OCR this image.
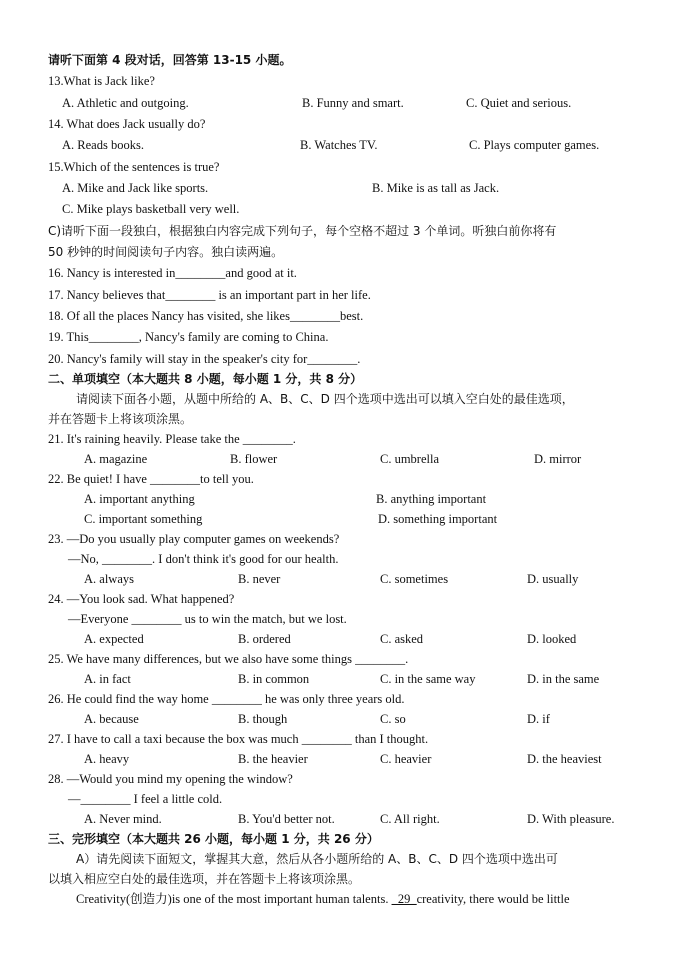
请听下面第 4 段对话，回答第 13-15 小题。
13.What is Jack like?
A. Athletic and outgoing.	B. Funny and smart.	C. Quiet and serious.
14. What does Jack usually do?
A. Reads books.	B. Watches TV.	C. Plays computer games.
15.Which of the sentences is true?
A. Mike and Jack like sports.	B. Mike is as tall as Jack.
C. Mike plays basketball very well.
C)请听下面一段独白，根据独白内容完成下列句子，每个空格不超过 3 个单词。听独白前你将有
50 秒钟的时间阅读句子内容。独白读两遍。
16. Nancy is interested in________and good at it.
17. Nancy believes that________ is an important part in her life.
18. Of all the places Nancy has visited, she likes________best.
19. This________, Nancy's family are coming to China.
20. Nancy's family will stay in the speaker's city for________.
二、单项填空（本大题共 8 小题，每小题 1 分，共 8 分）
请阅读下面各小题，从题中所给的 A、B、C、D 四个选项中选出可以填入空白处的最佳选项，
并在答题卡上将该项涂黑。
21. It's raining heavily. Please take the ________.
A. magazine	B. flower	C. umbrella	D. mirror
22. Be quiet! I have ________to tell you.
A. important anything	B. anything important
C. important something	D. something important
23. —Do you usually play computer games on weekends?
—No, ________. I don't think it's good for our health.
A. always	B. never	C. sometimes	D. usually
24. —You look sad. What happened?
—Everyone ________ us to win the match, but we lost.
A. expected	B. ordered	C. asked	D. looked
25. We have many differences, but we also have some things ________.
A. in fact	B. in common	C. in the same way	D. in the same
26. He could find the way home ________ he was only three years old.
A. because	B. though	C. so	D. if
27. I have to call a taxi because the box was much ________ than I thought.
A. heavy	B. the heavier	C. heavier	D. the heaviest
28. —Would you mind my opening the window?
—________ I feel a little cold.
A. Never mind.	B. You'd better not.	C. All right.	D. With pleasure.
三、完形填空（本大题共 26 小题，每小题 1 分，共 26 分）
A）请先阅读下面短文，掌握其大意，然后从各小题所给的 A、B、C、D 四个选项中选出可
以填入相应空白处的最佳选项，并在答题卡上将该项涂黑。
Creativity(创造力)is one of the most important human talents. _29_creativity, there would be little
